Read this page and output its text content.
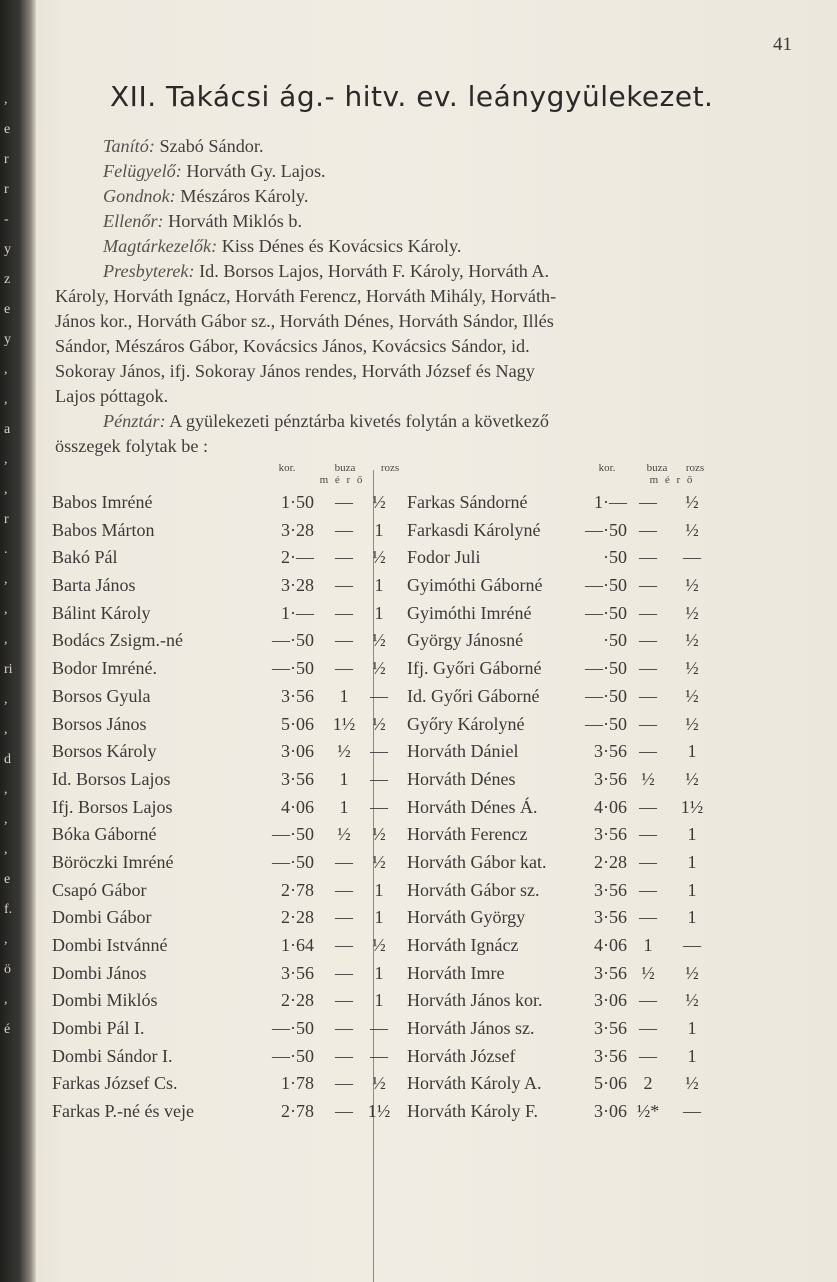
,
e
r
r
-
y
z
e
y
,
,
a
,
,
r
.
,
,
,
ri
,
,
d
,
,
,
e
f.
,
ö
,
é
41
XII. Takácsi ág.- hitv. ev. leánygyülekezet.
Tanító: Szabó Sándor.
Felügyelő: Horváth Gy. Lajos.
Gondnok: Mészáros Károly.
Ellenőr: Horváth Miklós b.
Magtárkezelők: Kiss Dénes és Kovácsics Károly.
Presbyterek: Id. Borsos Lajos, Horváth F. Károly, Horváth A.
Károly, Horváth Ignácz, Horváth Ferencz, Horváth Mihály, Horváth-
János kor., Horváth Gábor sz., Horváth Dénes, Horváth Sándor, Illés
Sándor, Mészáros Gábor, Kovácsics János, Kovácsics Sándor, id.
Sokoray János, ifj. Sokoray János rendes, Horváth József és Nagy
Lajos póttagok.
Pénztár: A gyülekezeti pénztárba kivetés folytán a következő
összegek folytak be :
kor.	buza	rozs
m é r ő
Babos Imréné	1·50 —	½
Babos Márton	3·28 —	1
Bakó Pál	2·— —	½
Barta János	3·28 —	1
Bálint Károly	1·— —	1
Bodács Zsigm.-né	—·50 —	½
Bodor Imréné.	—·50 —	½
Borsos Gyula	3·56	1	—
Borsos János	5·06 1½ ½
Borsos Károly	3·06 ½	—
Id. Borsos Lajos	3·56	1	—
Ifj. Borsos Lajos	4·06	1	—
Bóka Gáborné	—·50 ½	½
Böröczki Imréné	—·50 —	½
Csapó Gábor	2·78 —	1
Dombi Gábor	2·28 —	1
Dombi Istvánné	1·64 —	½
Dombi János	3·56 —	1
Dombi Miklós	2·28 —	1
Dombi Pál I.	—·50 — —
Dombi Sándor I.	—·50 — —
Farkas József Cs.	1·78 —	½
Farkas P.-né és veje	2·78 — 1½
kor.	buza	rozs
m é r ő
Farkas Sándorné	1·— —	½
Farkasdi Károlyné	—·50 —	½
Fodor Juli	·50 —	—
Gyimóthi Gáborné	—·50 —	½
Gyimóthi Imréné	—·50 —	½
György Jánosné	·50 —	½
Ifj. Győri Gáborné	—·50 —	½
Id. Győri Gáborné	—·50 —	½
Győry Károlyné	—·50 —	½
Horváth Dániel	3·56 —	1
Horváth Dénes	3·56 ½	½
Horváth Dénes Á.	4·06 —	1½
Horváth Ferencz	3·56 —	1
Horváth Gábor kat.	2·28 —	1
Horváth Gábor sz.	3·56 —	1
Horváth György	3·56 —	1
Horváth Ignácz	4·06 1	—
Horváth Imre	3·56 ½	½
Horváth János kor.	3·06 —	½
Horváth János sz.	3·56 —	1
Horváth József	3·56 —	1
Horváth Károly A.	5·06 2	½
Horváth Károly F.	3·06 ½*	—
